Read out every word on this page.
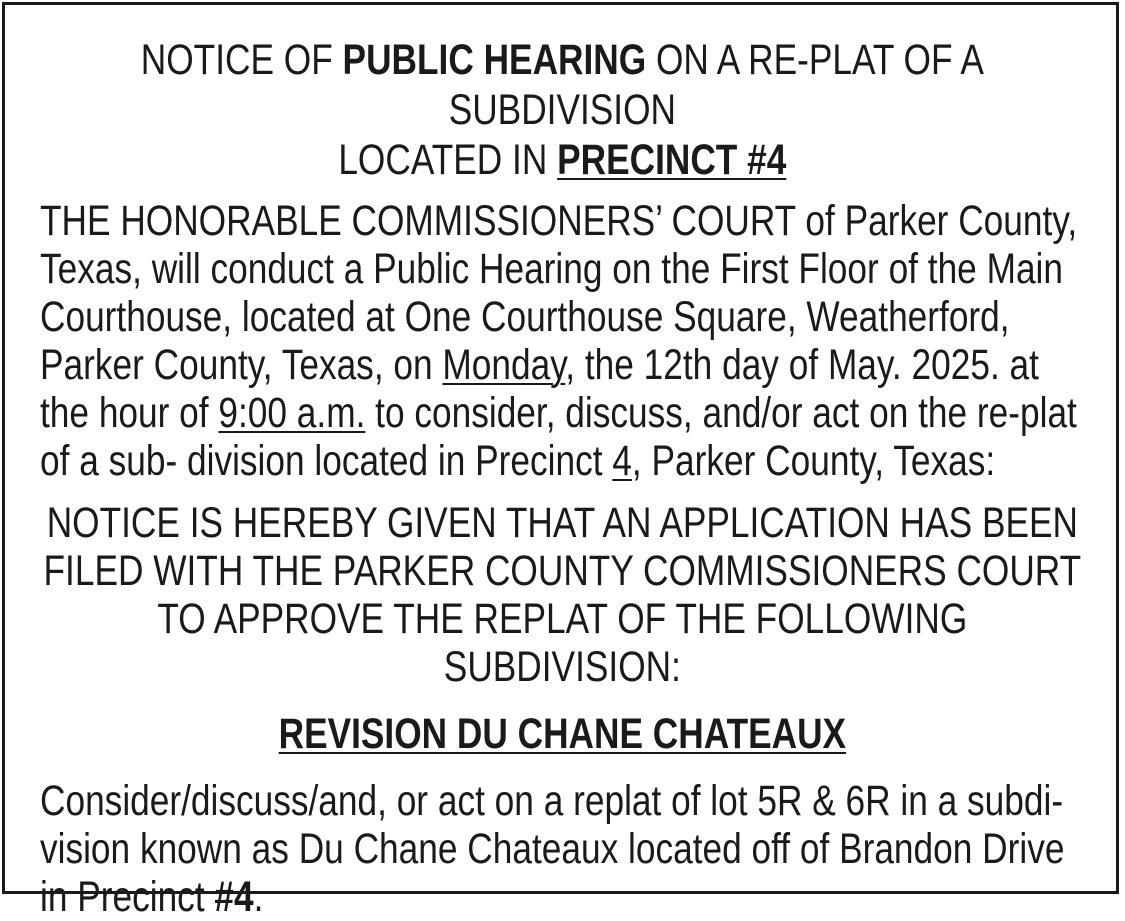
NOTICE OF PUBLIC HEARING ON A RE-PLAT OF A SUBDIVISION
LOCATED IN PRECINCT #4

THE HONORABLE COMMISSIONERS’ COURT of Parker County, Texas, will conduct a Public Hearing on the First Floor of the Main Courthouse, located at One Courthouse Square, Weatherford, Parker County, Texas, on Monday, the 12th day of May. 2025. at the hour of 9:00 a.m. to consider, discuss, and/or act on the re-plat of a sub- division located in Precinct 4, Parker County, Texas:

NOTICE IS HEREBY GIVEN THAT AN APPLICATION HAS BEEN FILED WITH THE PARKER COUNTY COMMISSIONERS COURT TO APPROVE THE REPLAT OF THE FOLLOWING SUBDIVISION:

REVISION DU CHANE CHATEAUX

Consider/discuss/and, or act on a replat of lot 5R & 6R in a subdi- vision known as Du Chane Chateaux located off of Brandon Drive in Precinct #4.
